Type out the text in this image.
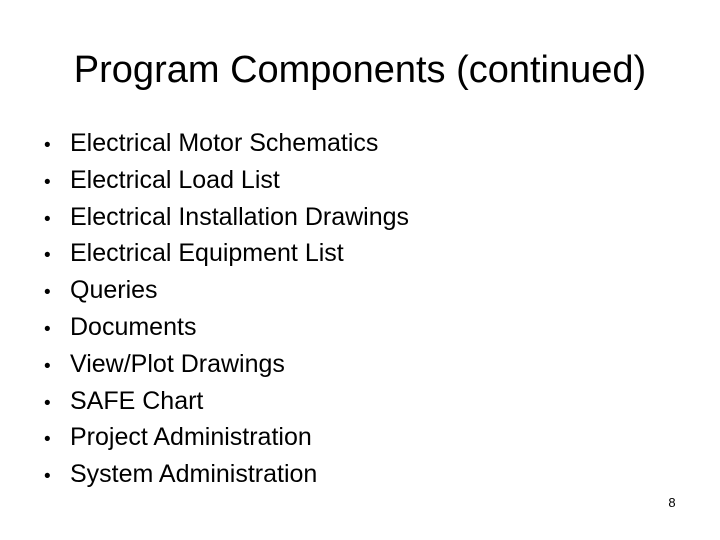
Program Components (continued)
• Electrical Motor Schematics
• Electrical Load List
• Electrical Installation Drawings
• Electrical Equipment List
• Queries
• Documents
• View/Plot Drawings
• SAFE Chart
• Project Administration
• System Administration
8
